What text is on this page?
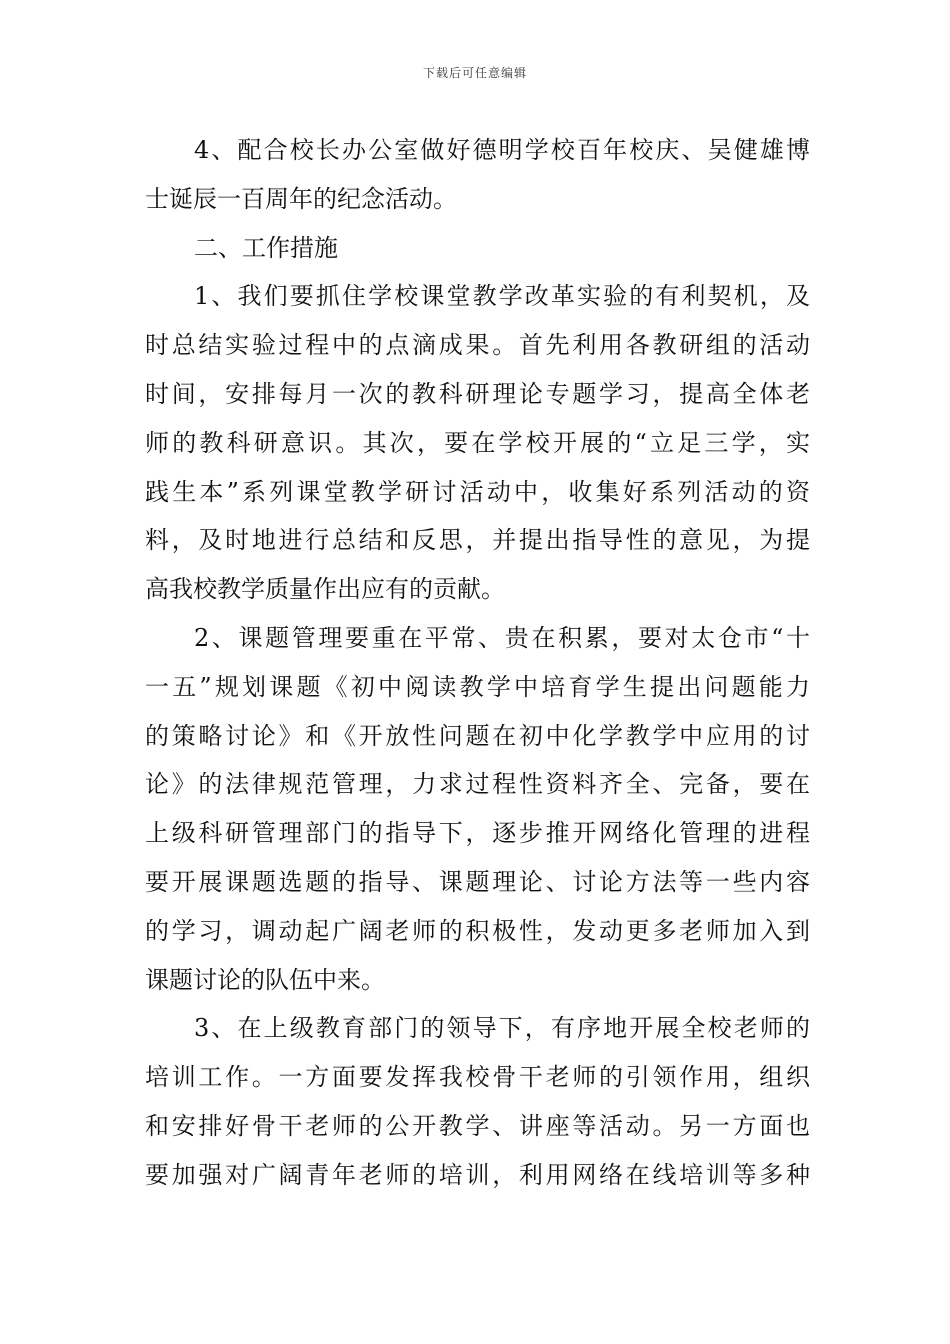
下载后可任意编辑
4、配合校长办公室做好德明学校百年校庆、吴健雄博
士诞辰一百周年的纪念活动。
二、工作措施
1、我们要抓住学校课堂教学改革实验的有利契机，及
时总结实验过程中的点滴成果。首先利用各教研组的活动
时间，安排每月一次的教科研理论专题学习，提高全体老
师的教科研意识。其次，要在学校开展的“立足三学，实
践生本”系列课堂教学研讨活动中，收集好系列活动的资
料，及时地进行总结和反思，并提出指导性的意见，为提
高我校教学质量作出应有的贡献。
2、课题管理要重在平常、贵在积累，要对太仓市“十
一五”规划课题《初中阅读教学中培育学生提出问题能力
的策略讨论》和《开放性问题在初中化学教学中应用的讨
论》的法律规范管理，力求过程性资料齐全、完备，要在
上级科研管理部门的指导下，逐步推开网络化管理的进程
要开展课题选题的指导、课题理论、讨论方法等一些内容
的学习，调动起广阔老师的积极性，发动更多老师加入到
课题讨论的队伍中来。
3、在上级教育部门的领导下，有序地开展全校老师的
培训工作。一方面要发挥我校骨干老师的引领作用，组织
和安排好骨干老师的公开教学、讲座等活动。另一方面也
要加强对广阔青年老师的培训，利用网络在线培训等多种
